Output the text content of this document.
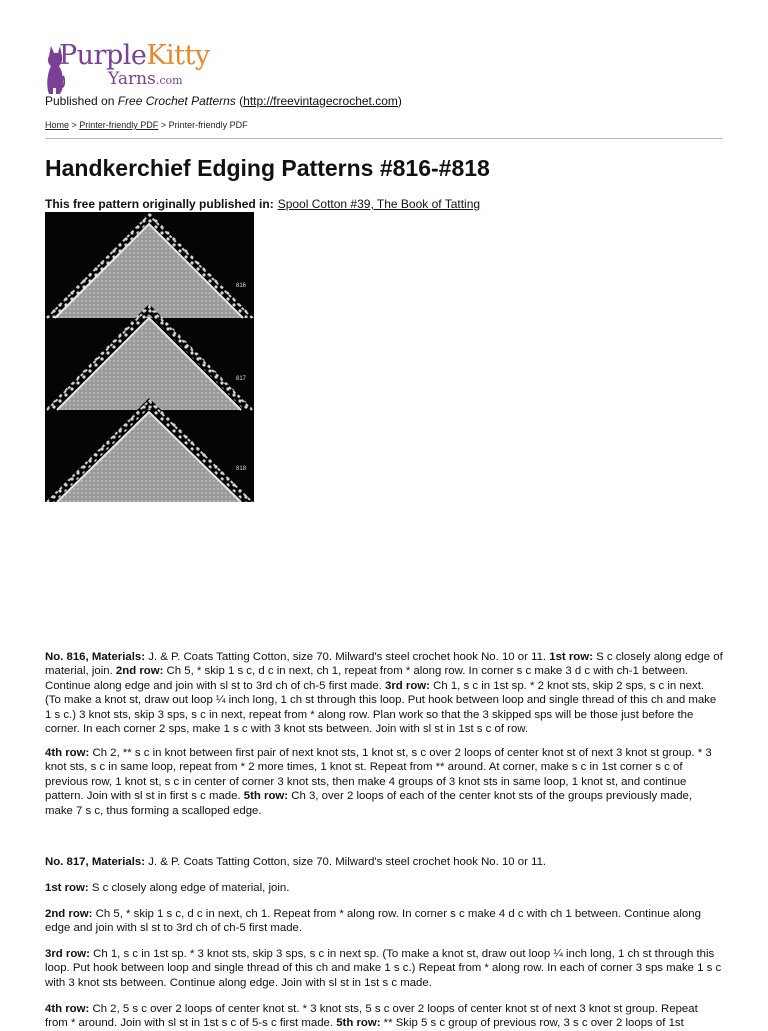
PurpleKitty
Yarns.com
Published on Free Crochet Patterns (http://freevintagecrochet.com)
Home > Printer-friendly PDF > Printer-friendly PDF
Handkerchief Edging Patterns #816-#818
This free pattern originally published in: Spool Cotton #39, The Book of Tatting
816
817
818

No. 816, Materials: J. & P. Coats Tatting Cotton, size 70. Milward's steel crochet hook No. 10 or 11. 1st row: S c closely along edge of material, join. 2nd row: Ch 5, * skip 1 s c, d c in next, ch 1, repeat from * along row. In corner s c make 3 d c with ch-1 between. Continue along edge and join with sl st to 3rd ch of ch-5 first made. 3rd row: Ch 1, s c in 1st sp. * 2 knot sts, skip 2 sps, s c in next. (To make a knot st, draw out loop ¼ inch long, 1 ch st through this loop. Put hook between loop and single thread of this ch and make 1 s c.) 3 knot sts, skip 3 sps, s c in next, repeat from * along row. Plan work so that the 3 skipped sps will be those just before the corner. In each corner 2 sps, make 1 s c with 3 knot sts between. Join with sl st in 1st s c of row.

4th row: Ch 2, ** s c in knot between first pair of next knot sts, 1 knot st, s c over 2 loops of center knot st of next 3 knot st group. * 3 knot sts, s c in same loop, repeat from * 2 more times, 1 knot st. Repeat from ** around. At corner, make s c in 1st corner s c of previous row, 1 knot st, s c in center of corner 3 knot sts, then make 4 groups of 3 knot sts in same loop, 1 knot st, and continue pattern. Join with sl st in first s c made. 5th row: Ch 3, over 2 loops of each of the center knot sts of the groups previously made, make 7 s c, thus forming a scalloped edge.

No. 817, Materials: J. & P. Coats Tatting Cotton, size 70. Milward's steel crochet hook No. 10 or 11.

1st row: S c closely along edge of material, join.

2nd row: Ch 5, * skip 1 s c, d c in next, ch 1. Repeat from * along row. In corner s c make 4 d c with ch 1 between. Continue along edge and join with sl st to 3rd ch of ch-5 first made.

3rd row: Ch 1, s c in 1st sp. * 3 knot sts, skip 3 sps, s c in next sp. (To make a knot st, draw out loop ¼ inch long, 1 ch st through this loop. Put hook between loop and single thread of this ch and make 1 s c.) Repeat from * along row. In each of corner 3 sps make 1 s c with 3 knot sts between. Continue along edge. Join with sl st in 1st s c made.

4th row: Ch 2, 5 s c over 2 loops of center knot st. * 3 knot sts, 5 s c over 2 loops of center knot st of next 3 knot st group. Repeat from * around. Join with sl st in 1st s c of 5-s c first made. 5th row: ** Skip 5 s c group of previous row, 3 s c over 2 loops of 1st
